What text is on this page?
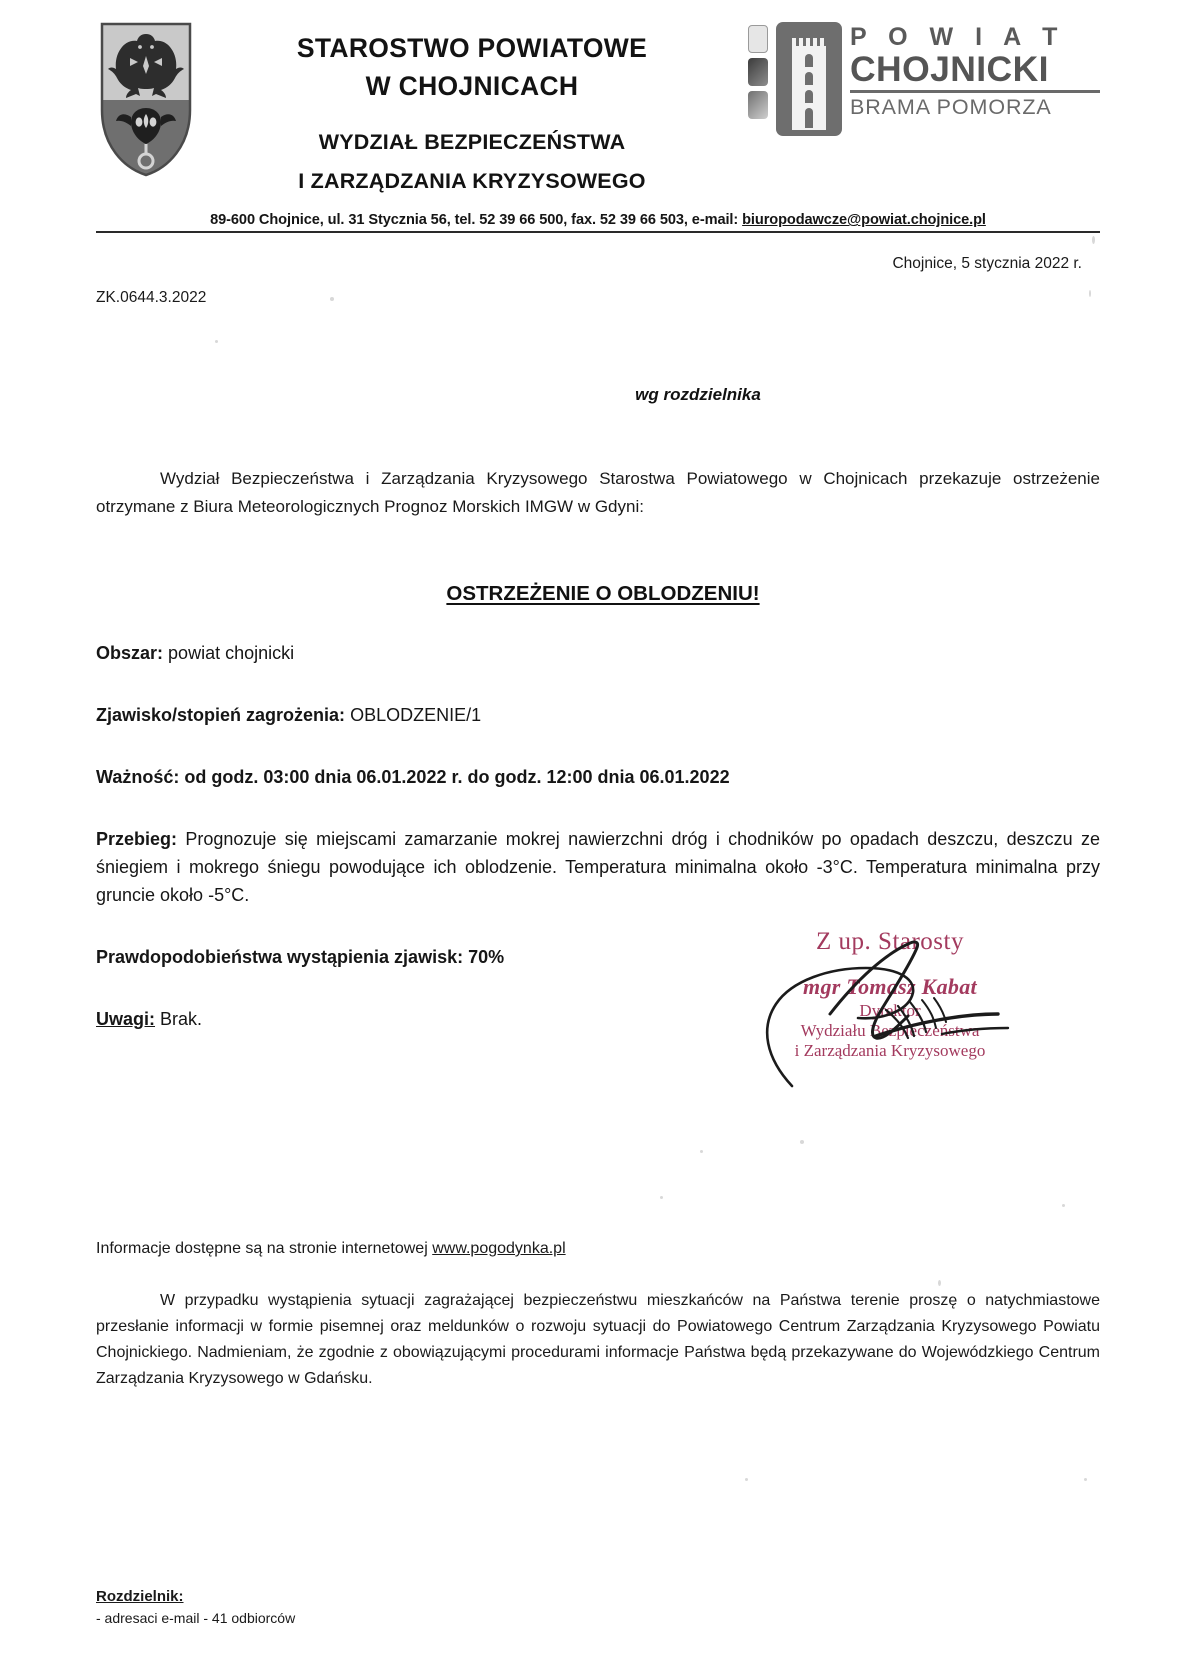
STAROSTWO POWIATOWE
W CHOJNICACH
WYDZIAŁ BEZPIECZEŃSTWA
I ZARZĄDZANIA KRYZYSOWEGO
P O W I A T
CHOJNICKI
BRAMA POMORZA
89-600 Chojnice, ul. 31 Stycznia 56, tel. 52 39 66 500, fax. 52 39 66 503, e-mail: biuropodawcze@powiat.chojnice.pl
Chojnice, 5 stycznia 2022 r.
ZK.0644.3.2022
wg rozdzielnika
Wydział Bezpieczeństwa i Zarządzania Kryzysowego Starostwa Powiatowego w Chojnicach przekazuje ostrzeżenie otrzymane z Biura Meteorologicznych Prognoz Morskich IMGW w Gdyni:
OSTRZEŻENIE O OBLODZENIU!
Obszar: powiat chojnicki
Zjawisko/stopień zagrożenia: OBLODZENIE/1
Ważność: od godz. 03:00 dnia 06.01.2022 r. do godz. 12:00 dnia 06.01.2022
Przebieg: Prognozuje się miejscami zamarzanie mokrej nawierzchni dróg i chodników po opadach deszczu, deszczu ze śniegiem i mokrego śniegu powodujące ich oblodzenie. Temperatura minimalna około -3°C. Temperatura minimalna przy gruncie około -5°C.
Prawdopodobieństwa wystąpienia zjawisk: 70%
Uwagi: Brak.
Z up. Starosty
mgr Tomasz Kabat
Dyrektor
Wydziału Bezpieczeństwa
i Zarządzania Kryzysowego
Informacje dostępne są na stronie internetowej www.pogodynka.pl
W przypadku wystąpienia sytuacji zagrażającej bezpieczeństwu mieszkańców na Państwa terenie proszę o natychmiastowe przesłanie informacji w formie pisemnej oraz meldunków o rozwoju sytuacji do Powiatowego Centrum Zarządzania Kryzysowego Powiatu Chojnickiego. Nadmieniam, że zgodnie z obowiązującymi procedurami informacje Państwa będą przekazywane do Wojewódzkiego Centrum Zarządzania Kryzysowego w Gdańsku.
Rozdzielnik:
- adresaci e-mail - 41 odbiorców
